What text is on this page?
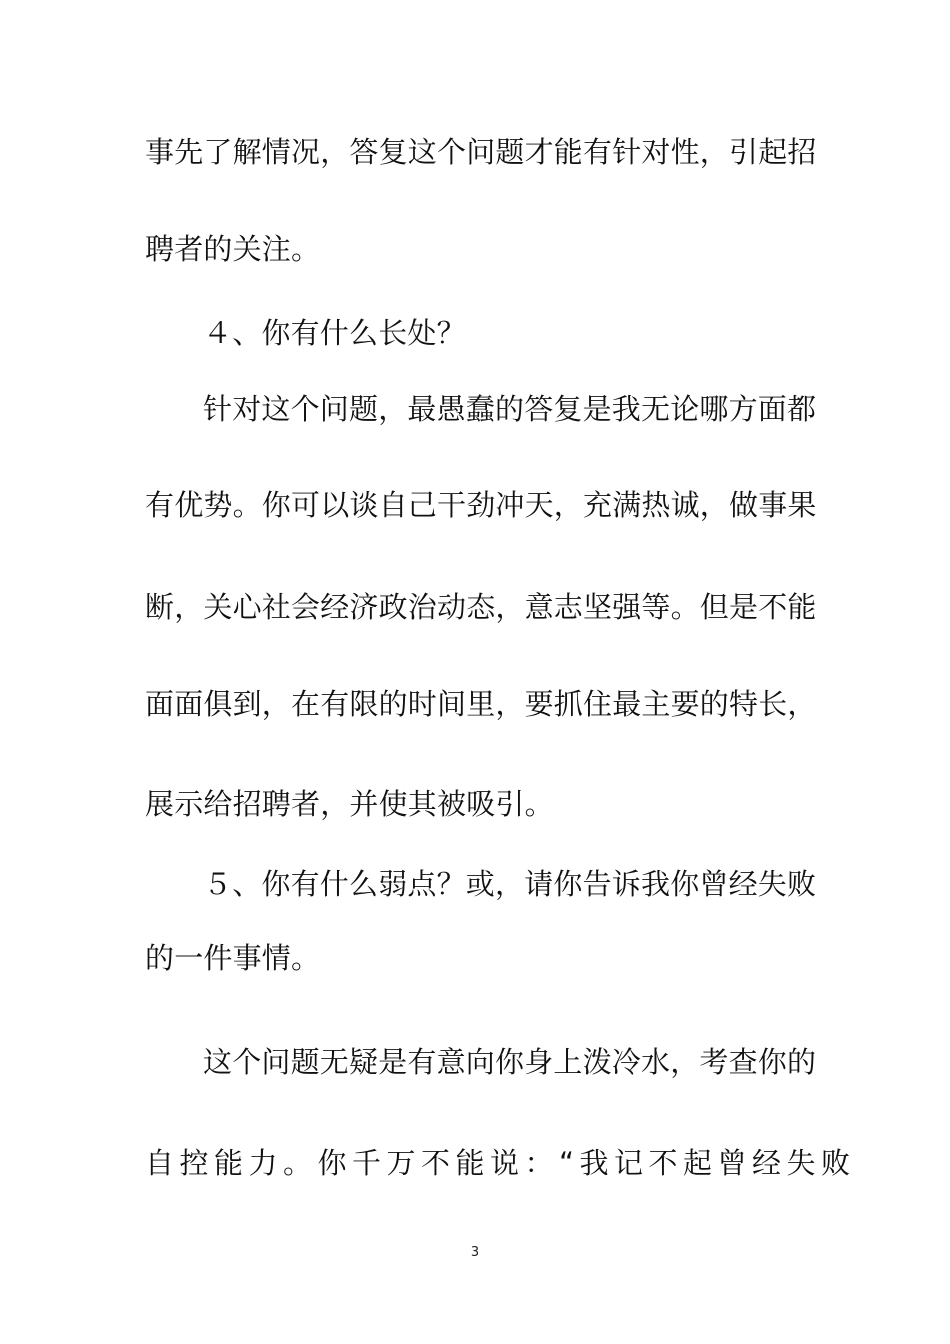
事先了解情况，答复这个问题才能有针对性，引起招
聘者的关注。
４、你有什么长处？
针对这个问题，最愚蠢的答复是我无论哪方面都
有优势。你可以谈自己干劲冲天，充满热诚，做事果
断，关心社会经济政治动态，意志坚强等。但是不能
面面俱到，在有限的时间里，要抓住最主要的特长，
展示给招聘者，并使其被吸引。
５、你有什么弱点？或，请你告诉我你曾经失败
的一件事情。
这个问题无疑是有意向你身上泼冷水，考查你的
自控能力。你千万不能说：“我记不起曾经失败
3
